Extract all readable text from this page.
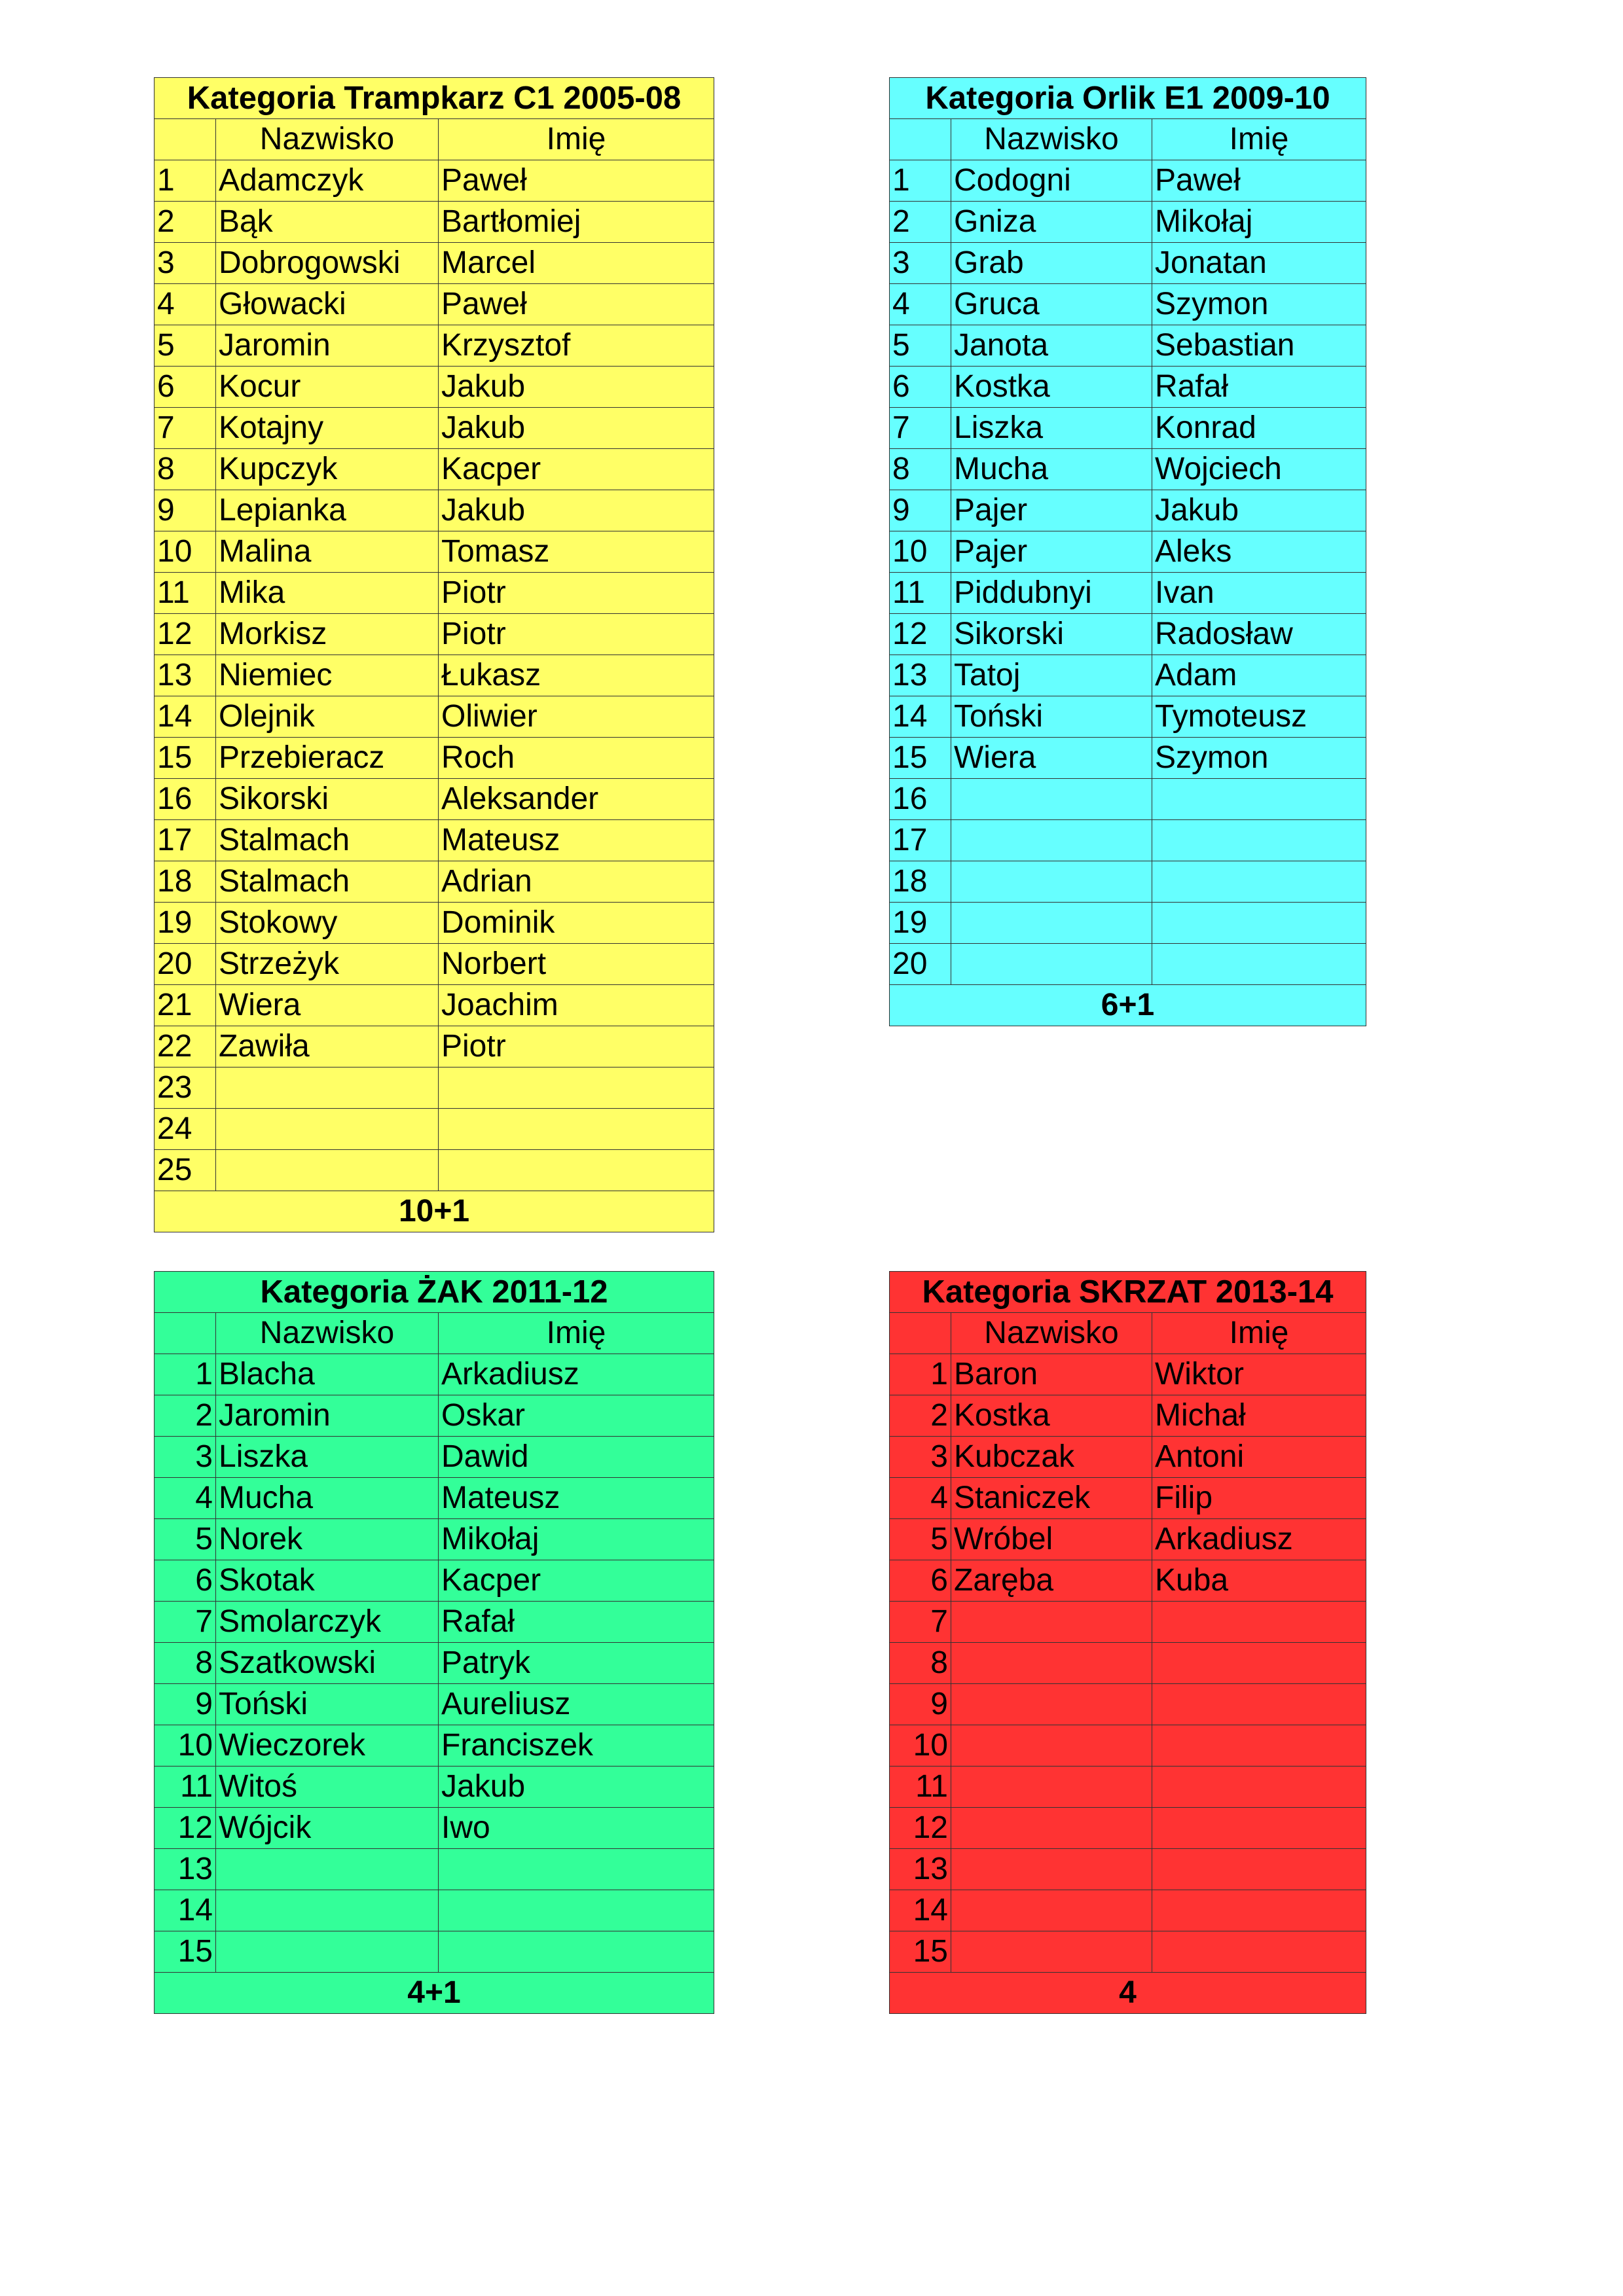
Kategoria Trampkarz C1 2005-08		
	Nazwisko	Imię
1	Adamczyk	Paweł
2	Bąk	Bartłomiej
3	Dobrogowski	Marcel
4	Głowacki	Paweł
5	Jaromin	Krzysztof
6	Kocur	Jakub
7	Kotajny	Jakub
8	Kupczyk	Kacper
9	Lepianka	Jakub
10	Malina	Tomasz
11	Mika	Piotr
12	Morkisz	Piotr
13	Niemiec	Łukasz
14	Olejnik	Oliwier
15	Przebieracz	Roch
16	Sikorski	Aleksander
17	Stalmach	Mateusz
18	Stalmach	Adrian
19	Stokowy	Dominik
20	Strzeżyk	Norbert
21	Wiera	Joachim
22	Zawiła	Piotr
23		
24		
25		
10+1		
Kategoria Orlik E1 2009-10		
	Nazwisko	Imię
1	Codogni	Paweł
2	Gniza	Mikołaj
3	Grab	Jonatan
4	Gruca	Szymon
5	Janota	Sebastian
6	Kostka	Rafał
7	Liszka	Konrad
8	Mucha	Wojciech
9	Pajer	Jakub
10	Pajer	Aleks
11	Piddubnyi	Ivan
12	Sikorski	Radosław
13	Tatoj	Adam
14	Toński	Tymoteusz
15	Wiera	Szymon
16		
17		
18		
19		
20		
6+1		
Kategoria ŻAK 2011-12		
	Nazwisko	Imię
1	Blacha	Arkadiusz
2	Jaromin	Oskar
3	Liszka	Dawid
4	Mucha	Mateusz
5	Norek	Mikołaj
6	Skotak	Kacper
7	Smolarczyk	Rafał
8	Szatkowski	Patryk
9	Toński	Aureliusz
10	Wieczorek	Franciszek
11	Witoś	Jakub
12	Wójcik	Iwo
13		
14		
15		
4+1		
Kategoria SKRZAT 2013-14		
	Nazwisko	Imię
1	Baron	Wiktor
2	Kostka	Michał
3	Kubczak	Antoni
4	Staniczek	Filip
5	Wróbel	Arkadiusz
6	Zaręba	Kuba
7		
8		
9		
10		
11		
12		
13		
14		
15		
4		
